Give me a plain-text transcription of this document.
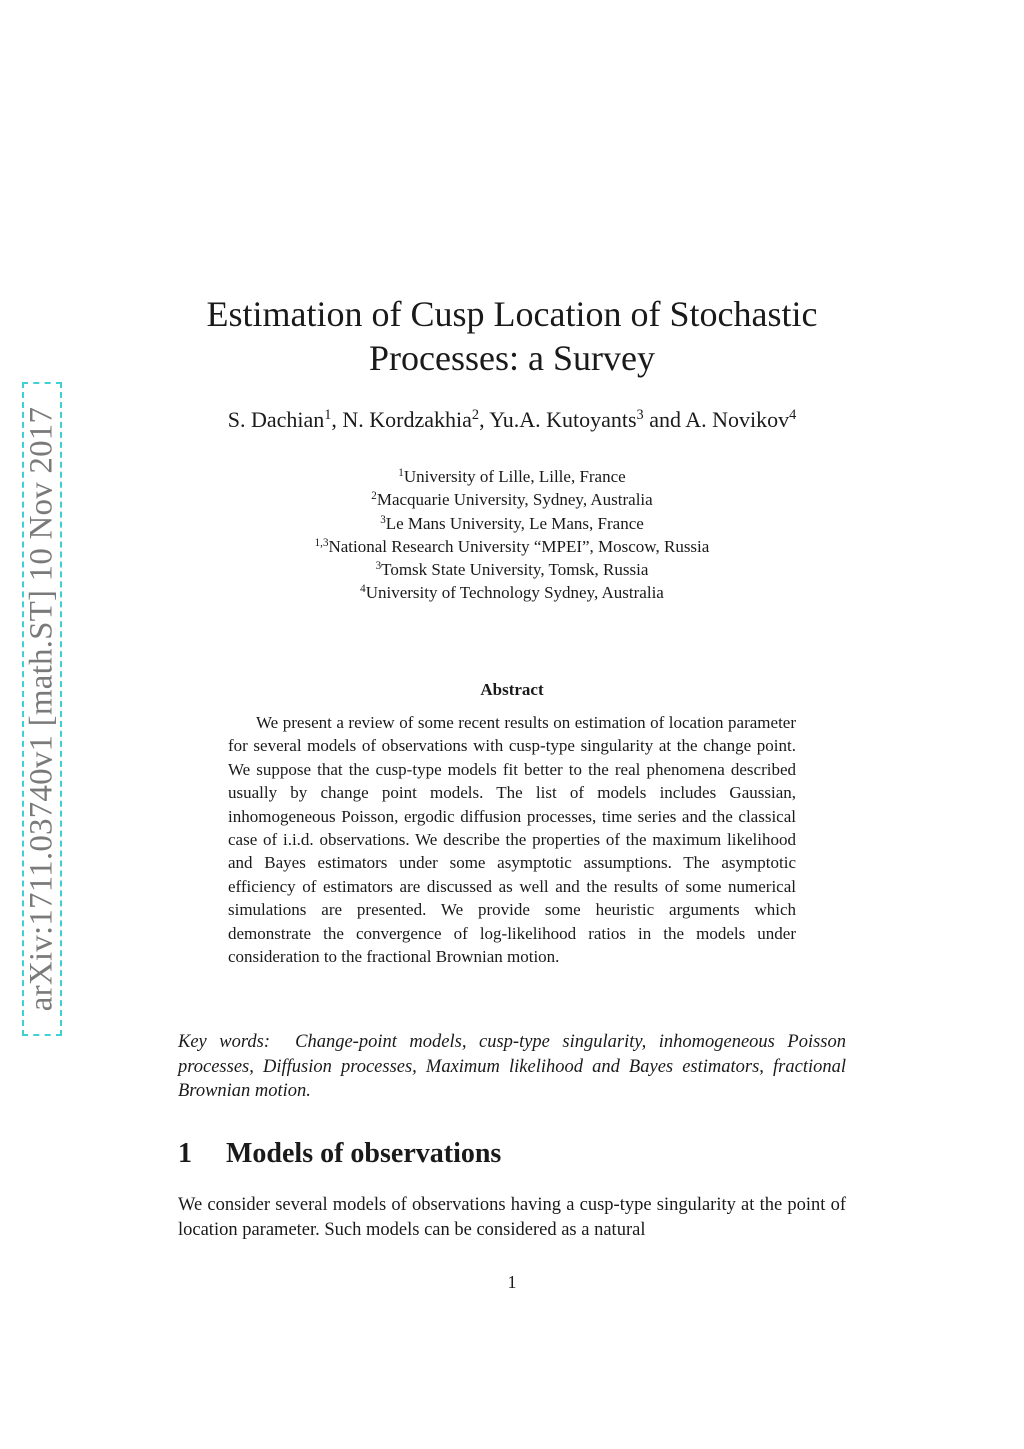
arXiv:1711.03740v1 [math.ST] 10 Nov 2017
Estimation of Cusp Location of Stochastic
Processes: a Survey
S. Dachian$^1$, N. Kordzakhia$^2$, Yu.A. Kutoyants$^3$ and A. Novikov$^4$
$^1$University of Lille, Lille, France
$^2$Macquarie University, Sydney, Australia
$^3$Le Mans University, Le Mans, France
$^{1,3}$National Research University “MPEI”, Moscow, Russia
$^3$Tomsk State University, Tomsk, Russia
$^4$University of Technology Sydney, Australia
Abstract

We present a review of some recent results on estimation of location parameter for several models of observations with cusp-type singularity at the change point. We suppose that the cusp-type models fit better to the real phenomena described usually by change point models. The list of models includes Gaussian, inhomogeneous Poisson, ergodic diffusion processes, time series and the classical case of i.i.d. observations. We describe the properties of the maximum likelihood and Bayes estimators under some asymptotic assumptions. The asymptotic efficiency of estimators are discussed as well and the results of some numerical simulations are presented. We provide some heuristic arguments which demonstrate the convergence of log-likelihood ratios in the models under consideration to the fractional Brownian motion.

Key words: Change-point models, cusp-type singularity, inhomogeneous Poisson processes, Diffusion processes, Maximum likelihood and Bayes estimators, fractional Brownian motion.

1 Models of observations

We consider several models of observations having a cusp-type singularity at the point of location parameter. Such models can be considered as a natural

1
